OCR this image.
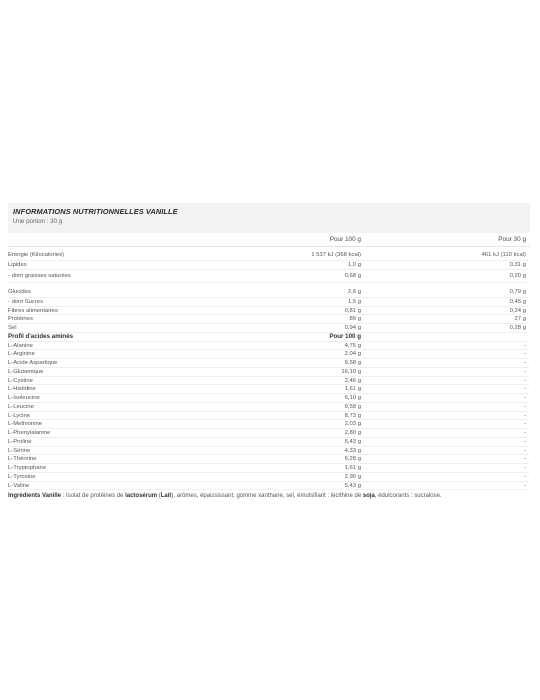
INFORMATIONS NUTRITIONNELLES VANILLE
Une portion : 30 g
Pour 100 g	Pour 30 g
Energie (Kilocalories)	1 537 kJ (368 kcal)	461 kJ (110 kcal)
Lipides	1,0 g	0,31 g
- dont graisses saturées	0,68 g	0,20 g
Glucides	2,6 g	0,79 g
- dont Sucres	1,5 g	0,45 g
Fibres alimentaires	0,81 g	0,24 g
Protéines	89 g	27 g
Sel	0,94 g	0,28 g
Profil d'acides aminés	Pour 100 g
L-Alanine	4,75 g	-
L-Arginine	2,04 g	-
L-Acide Aspartique	9,58 g	-
L-Glutamique	16,10 g	-
L-Cystine	2,46 g	-
L-Histidine	1,61 g	-
L-Isoleucine	6,10 g	-
L-Leucine	9,58 g	-
L-Lycine	8,73 g	-
L-Methionine	2,03 g	-
L-Phenylalanine	2,80 g	-
L-Proline	5,43 g	-
L-Sérine	4,33 g	-
L-Théorine	6,28 g	-
L-Tryptophane	1,61 g	-
L-Tyrosine	2,90 g	-
L-Valine	5,43 g	-
Ingrédients Vanille : Isolat de protéines de lactosérum (Lait), arômes, épaississant, gomme xanthane, sel, émulsifiant : lécithine de soja, édulcorants : sucralose.
